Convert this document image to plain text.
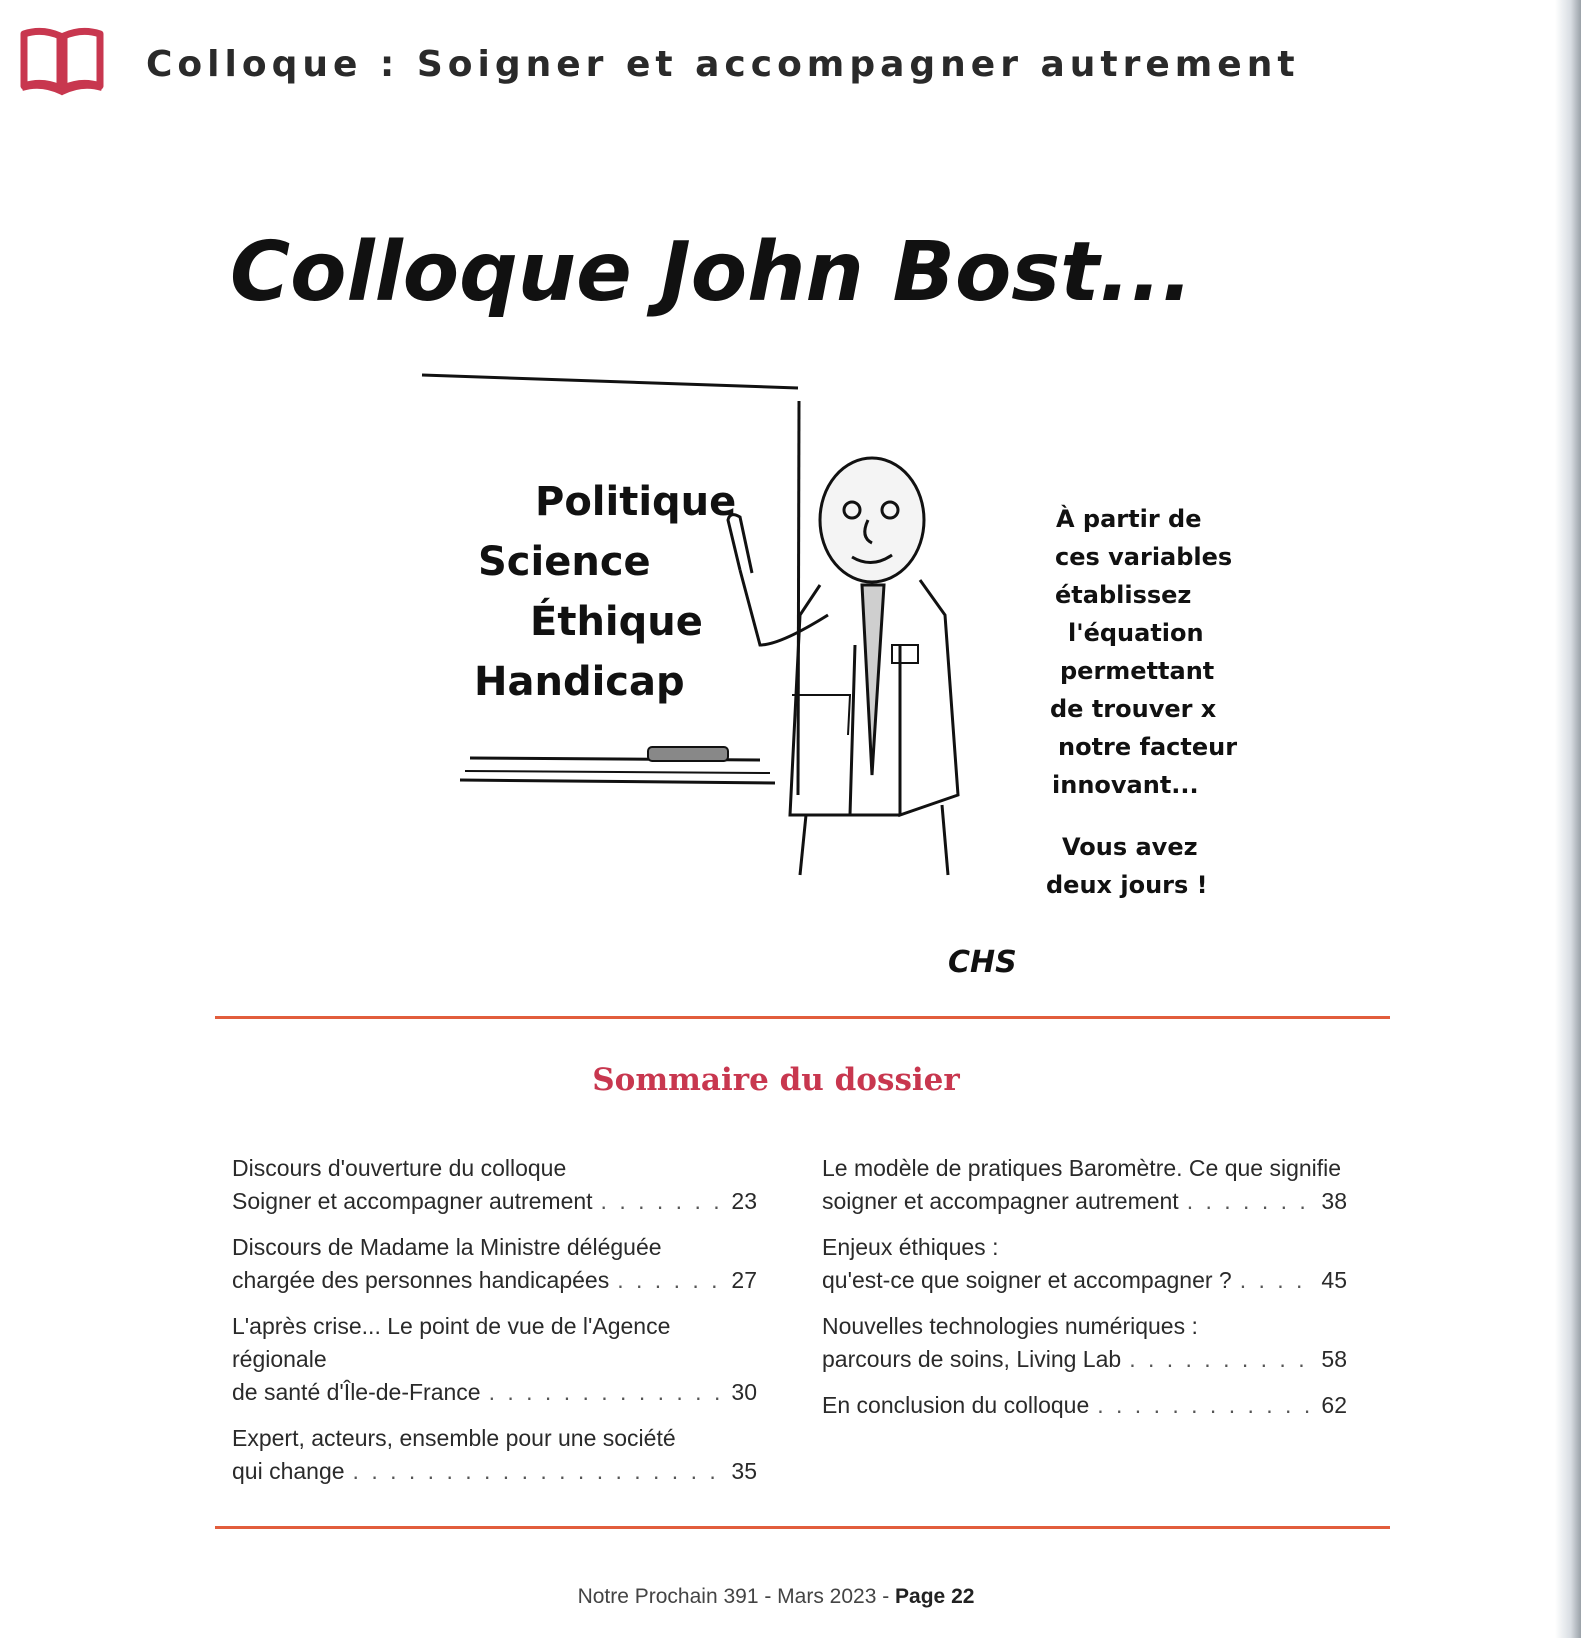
Colloque : Soigner et accompagner autrement
Colloque John Bost...
Politique
Science
Éthique
Handicap
À partir de
ces variables
établissez
l'équation
permettant
de trouver x
notre facteur
innovant...
Vous avez
deux jours !
CHS
Sommaire du dossier
Discours d'ouverture du colloque
Soigner et accompagner autrement . . .	23
Discours de Madame la Ministre déléguée
chargée des personnes handicapées . . .	27
L'après crise... Le point de vue de l'Agence régionale
de santé d'Île-de-France . . .	30
Expert, acteurs, ensemble pour une société
qui change . . .	35
Le modèle de pratiques Baromètre. Ce que signifie
soigner et accompagner autrement . . .	38
Enjeux éthiques :
qu'est-ce que soigner et accompagner ? . . .	45
Nouvelles technologies numériques :
parcours de soins, Living Lab . . .	58
En conclusion du colloque . . .	62
Notre Prochain 391 - Mars 2023 - Page 22
